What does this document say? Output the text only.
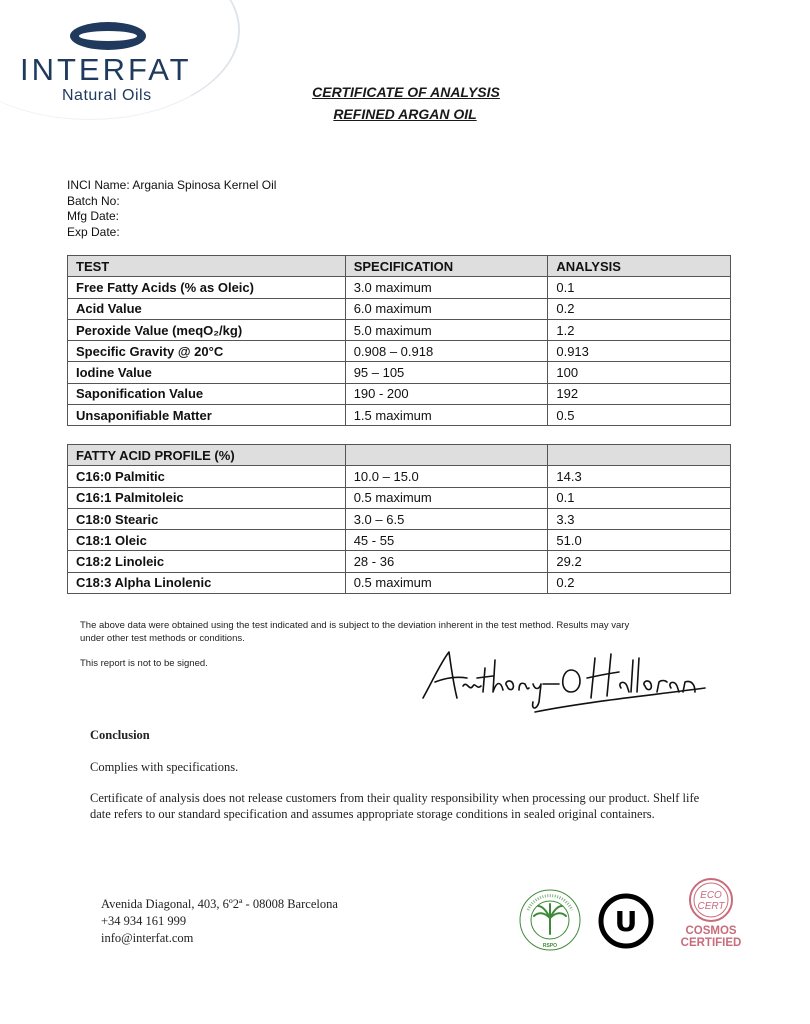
INTERFAT
Natural Oils	CERTIFICATE OF ANALYSIS
REFINED ARGAN OIL
INCI Name: Argania Spinosa Kernel Oil
Batch No:
Mfg Date:
Exp Date:
TEST	SPECIFICATION	ANALYSIS
Free Fatty Acids (% as Oleic)	3.0 maximum	0.1
Acid Value	6.0 maximum	0.2
Peroxide Value (meqO₂/kg)	5.0 maximum	1.2
Specific Gravity @ 20°C	0.908 – 0.918	0.913
Iodine Value	95 – 105	100
Saponification Value	190 - 200	192
Unsaponifiable Matter	1.5 maximum	0.5
FATTY ACID PROFILE (%)		
C16:0 Palmitic	10.0 – 15.0	14.3
C16:1 Palmitoleic	0.5 maximum	0.1
C18:0 Stearic	3.0 – 6.5	3.3
C18:1 Oleic	45 - 55	51.0
C18:2 Linoleic	28 - 36	29.2
C18:3 Alpha Linolenic	0.5 maximum	0.2
The above data were obtained using the test indicated and is subject to the deviation inherent in the test method. Results may vary under other test methods or conditions.
This report is not to be signed.
Conclusion
Complies with specifications.
Certificate of analysis does not release customers from their quality responsibility when processing our product. Shelf life date refers to our standard specification and assumes appropriate storage conditions in sealed original containers.
Avenida Diagonal, 403, 6º2ª - 08008 Barcelona
+34 934 161 999
info@interfat.com
RSPO
U
ECO
CERT
COSMOS
CERTIFIED
